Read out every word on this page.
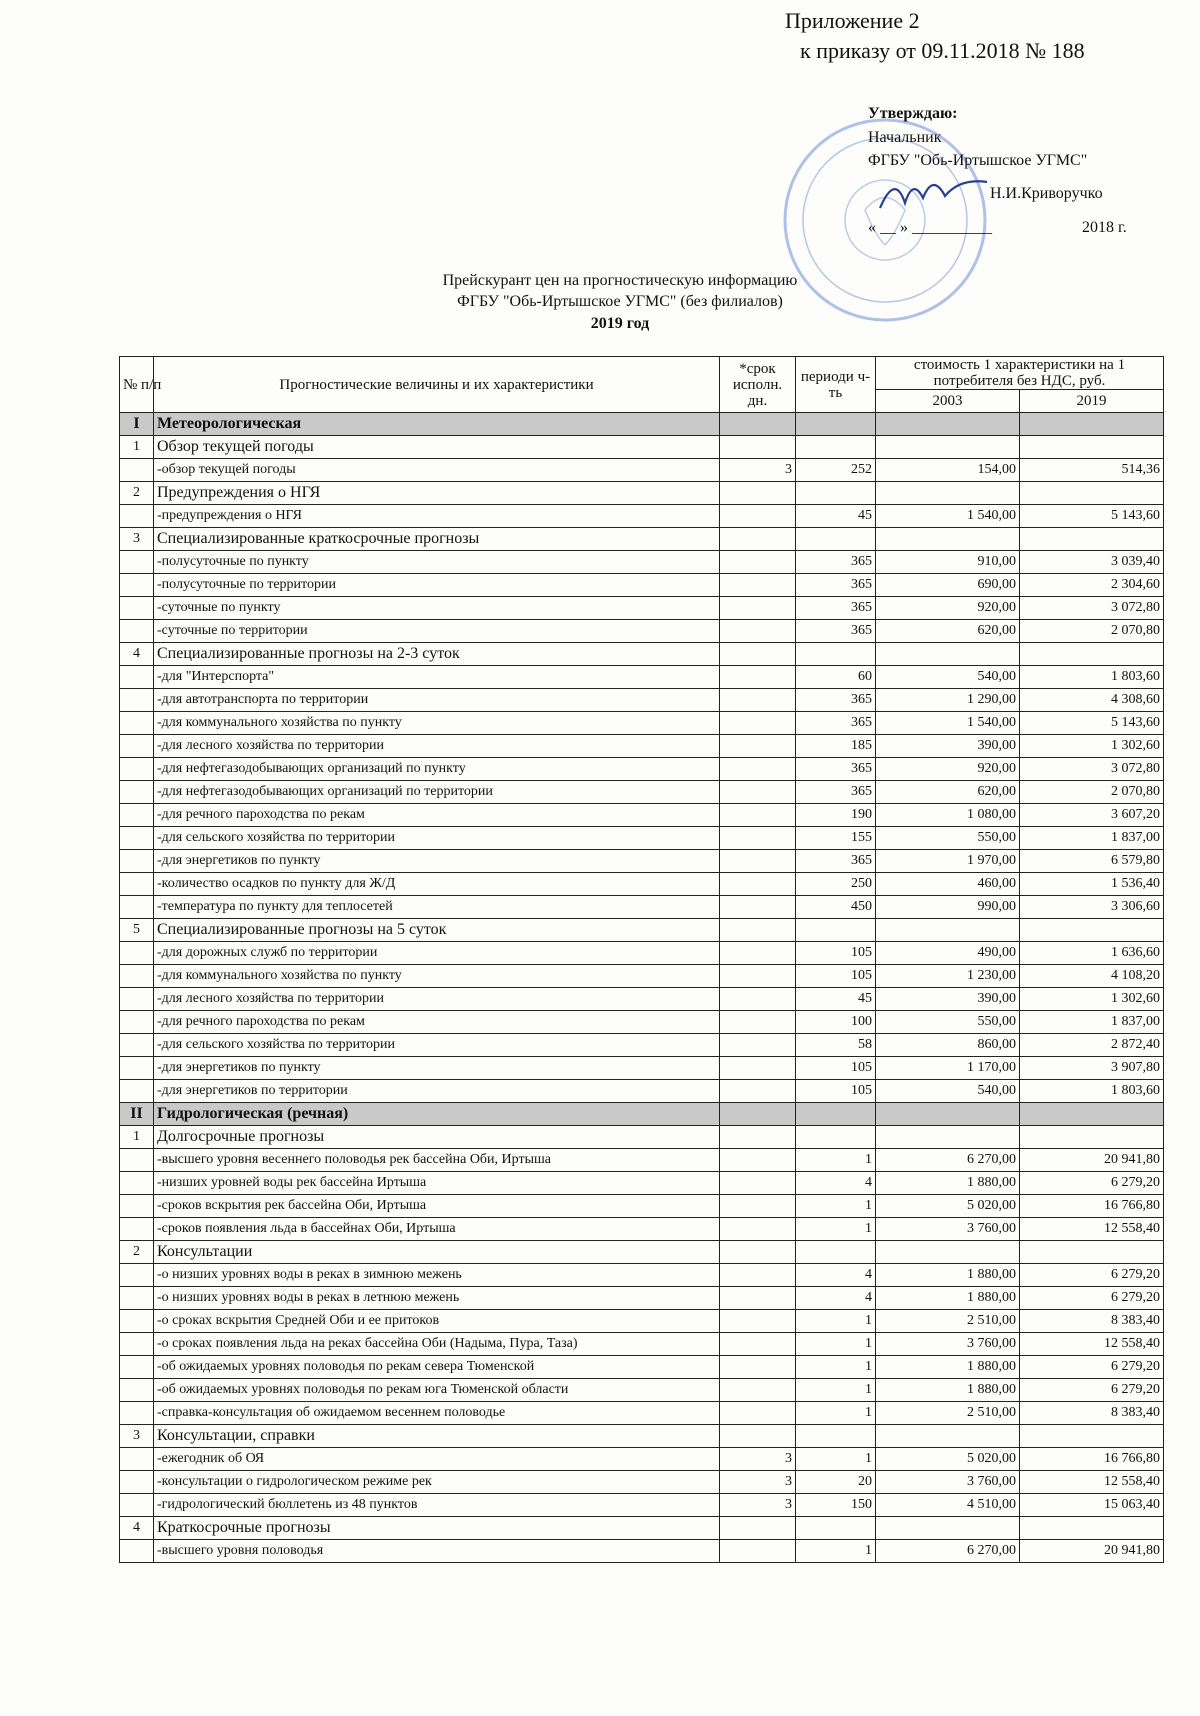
Приложение 2
к приказу от 09.11.2018 № 188
Утверждаю:
Начальник
ФГБУ "Обь-Иртышское УГМС"
Н.И.Криворучко
« __ » __________	2018 г.
Прейскурант цен на прогностическую информацию
ФГБУ "Обь-Иртышское УГМС" (без филиалов)
2019 год
№ п/п	Прогностические величины и их характеристики	*срок исполн. дн.	периоди ч-ть	стоимость 1 характеристики на 1 потребителя без НДС, руб.	
				2003	2019
I	Метеорологическая				
1	Обзор текущей погоды				
	-обзор текущей погоды	3	252	154,00	514,36
2	Предупреждения о НГЯ				
	-предупреждения о НГЯ		45	1 540,00	5 143,60
3	Специализированные краткосрочные прогнозы				
	-полусуточные по пункту		365	910,00	3 039,40
	-полусуточные по территории		365	690,00	2 304,60
	-суточные по пункту		365	920,00	3 072,80
	-суточные по территории		365	620,00	2 070,80
4	Специализированные прогнозы на 2-3 суток				
	-для "Интерспорта"		60	540,00	1 803,60
	-для автотранспорта по территории		365	1 290,00	4 308,60
	-для коммунального хозяйства по пункту		365	1 540,00	5 143,60
	-для лесного хозяйства по территории		185	390,00	1 302,60
	-для нефтегазодобывающих организаций по пункту		365	920,00	3 072,80
	-для нефтегазодобывающих организаций по территории		365	620,00	2 070,80
	-для речного пароходства по рекам		190	1 080,00	3 607,20
	-для сельского хозяйства по территории		155	550,00	1 837,00
	-для энергетиков по пункту		365	1 970,00	6 579,80
	-количество осадков по пункту для Ж/Д		250	460,00	1 536,40
	-температура по пункту для теплосетей		450	990,00	3 306,60
5	Специализированные прогнозы на 5 суток				
	-для дорожных служб по территории		105	490,00	1 636,60
	-для коммунального хозяйства по пункту		105	1 230,00	4 108,20
	-для лесного хозяйства по территории		45	390,00	1 302,60
	-для речного пароходства по рекам		100	550,00	1 837,00
	-для сельского хозяйства по территории		58	860,00	2 872,40
	-для энергетиков по пункту		105	1 170,00	3 907,80
	-для энергетиков по территории		105	540,00	1 803,60
II	Гидрологическая (речная)				
1	Долгосрочные прогнозы				
	-высшего уровня весеннего половодья рек бассейна Оби, Иртыша		1	6 270,00	20 941,80
	-низших уровней воды рек бассейна Иртыша		4	1 880,00	6 279,20
	-сроков вскрытия рек бассейна Оби, Иртыша		1	5 020,00	16 766,80
	-сроков появления льда в бассейнах Оби, Иртыша		1	3 760,00	12 558,40
2	Консультации				
	-о низших уровнях воды в реках в зимнюю межень		4	1 880,00	6 279,20
	-о низших уровнях воды в реках в летнюю межень		4	1 880,00	6 279,20
	-о сроках вскрытия Средней Оби и ее притоков		1	2 510,00	8 383,40
	-о сроках появления льда на реках бассейна Оби (Надыма, Пура, Таза)		1	3 760,00	12 558,40
	-об ожидаемых уровнях половодья по рекам севера Тюменской		1	1 880,00	6 279,20
	-об ожидаемых уровнях половодья по рекам юга Тюменской области		1	1 880,00	6 279,20
	-справка-консультация об ожидаемом весеннем половодье		1	2 510,00	8 383,40
3	Консультации, справки				
	-ежегодник об ОЯ	3	1	5 020,00	16 766,80
	-консультации о гидрологическом режиме рек	3	20	3 760,00	12 558,40
	-гидрологический бюллетень из 48 пунктов	3	150	4 510,00	15 063,40
4	Краткосрочные прогнозы				
	-высшего уровня половодья		1	6 270,00	20 941,80
